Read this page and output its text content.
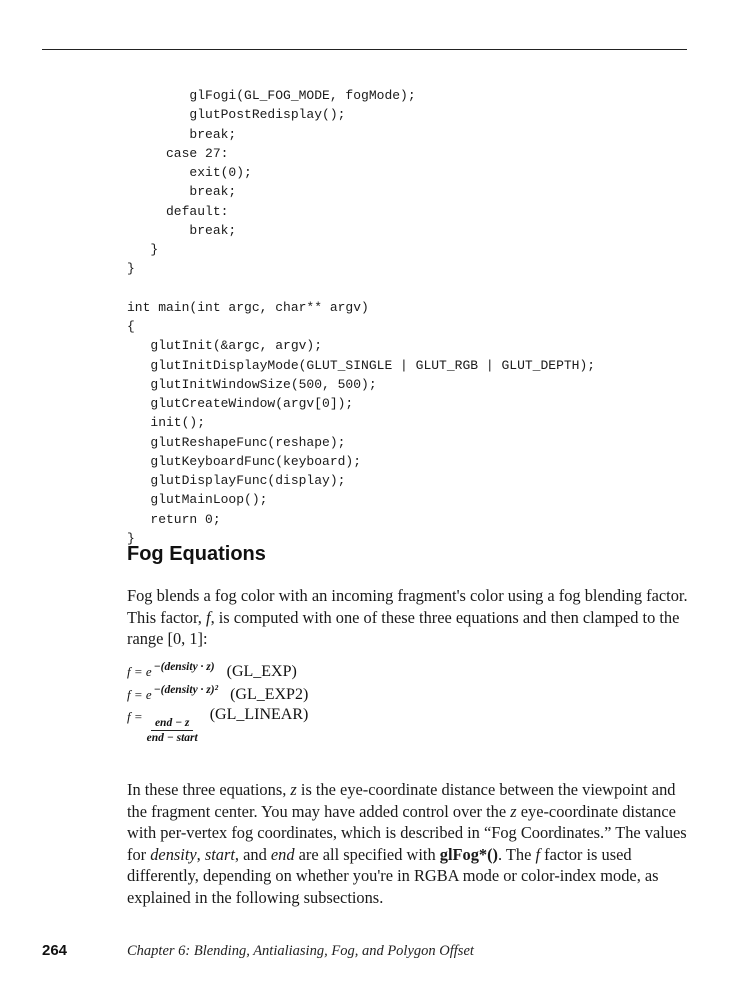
glFogi(GL_FOG_MODE, fogMode);
glutPostRedisplay();
break;
case 27:
exit(0);
break;
default:
break;
}
}
int main(int argc, char** argv)
{
glutInit(&argc, argv);
glutInitDisplayMode(GLUT_SINGLE | GLUT_RGB | GLUT_DEPTH);
glutInitWindowSize(500, 500);
glutCreateWindow(argv[0]);
init();
glutReshapeFunc(reshape);
glutKeyboardFunc(keyboard);
glutDisplayFunc(display);
glutMainLoop();
return 0;
}
Fog Equations

Fog blends a fog color with an incoming fragment's color using a fog blending factor. This factor, f, is computed with one of these three equations and then clamped to the range [0, 1]:

f = e −(density · z) (GL_EXP)
f = e −(density · z)² (GL_EXP2)
$f = \frac{\text{end − z}}{\text{end − start}}$
(GL_LINEAR)

In these three equations, z is the eye-coordinate distance between the viewpoint and the fragment center. You may have added control over the z eye-coordinate distance with per-vertex fog coordinates, which is described in “Fog Coordinates.” The values for density, start, and end are all specified with glFog*(). The f factor is used differently, depending on whether you're in RGBA mode or color-index mode, as explained in the following subsections.

264	Chapter 6: Blending, Antialiasing, Fog, and Polygon Offset
